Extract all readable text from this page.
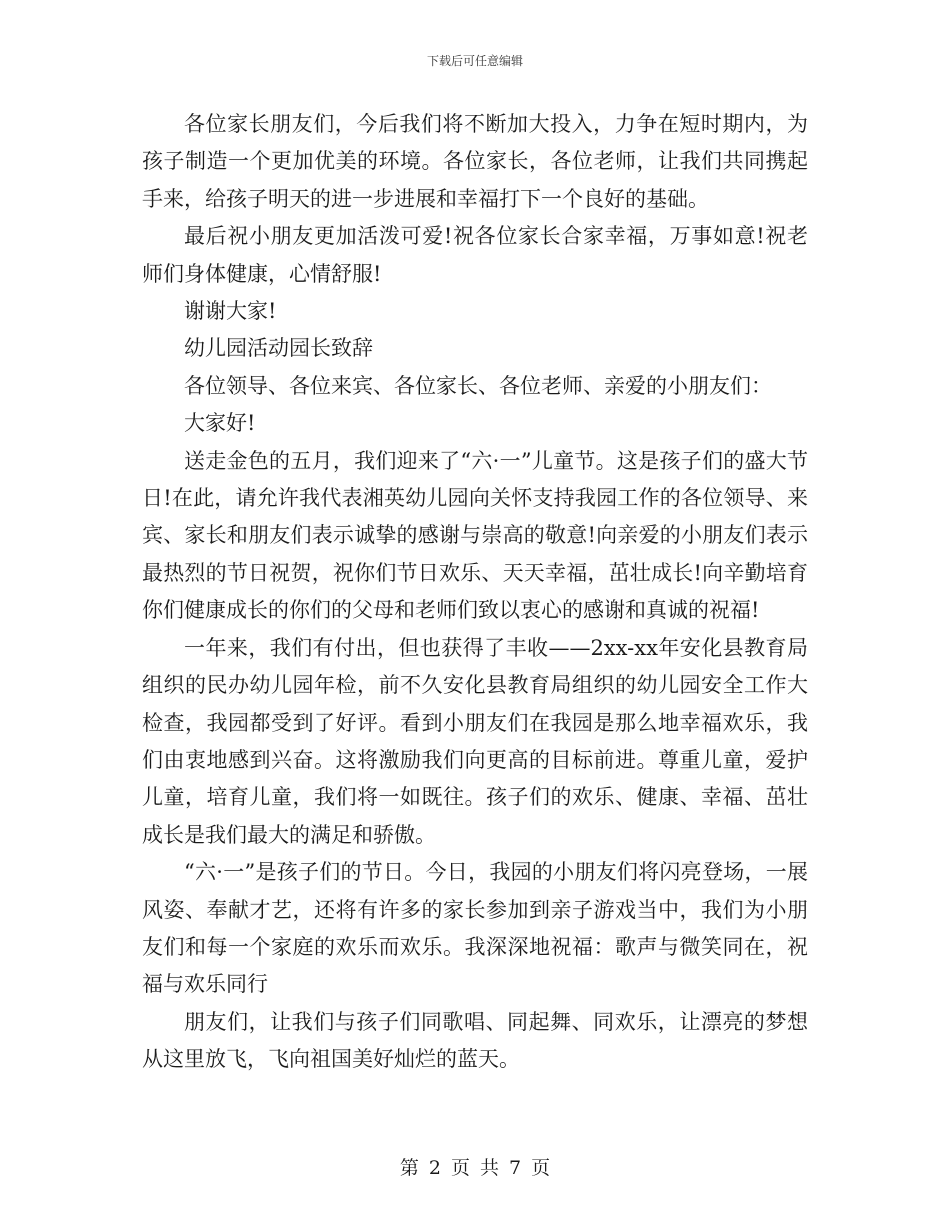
下载后可任意编辑

各位家长朋友们，今后我们将不断加大投入，力争在短时期内，为孩子制造一个更加优美的环境。各位家长，各位老师，让我们共同携起手来，给孩子明天的进一步进展和幸福打下一个良好的基础。

最后祝小朋友更加活泼可爱!祝各位家长合家幸福，万事如意!祝老师们身体健康，心情舒服!

谢谢大家!

幼儿园活动园长致辞

各位领导、各位来宾、各位家长、各位老师、亲爱的小朋友们：

大家好!

送走金色的五月，我们迎来了“六·一”儿童节。这是孩子们的盛大节日!在此，请允许我代表湘英幼儿园向关怀支持我园工作的各位领导、来宾、家长和朋友们表示诚挚的感谢与崇高的敬意!向亲爱的小朋友们表示最热烈的节日祝贺，祝你们节日欢乐、天天幸福，茁壮成长!向辛勤培育你们健康成长的你们的父母和老师们致以衷心的感谢和真诚的祝福!

一年来，我们有付出，但也获得了丰收——2xx-xx年安化县教育局组织的民办幼儿园年检，前不久安化县教育局组织的幼儿园安全工作大检查，我园都受到了好评。看到小朋友们在我园是那么地幸福欢乐，我们由衷地感到兴奋。这将激励我们向更高的目标前进。尊重儿童，爱护儿童，培育儿童，我们将一如既往。孩子们的欢乐、健康、幸福、茁壮成长是我们最大的满足和骄傲。

“六·一”是孩子们的节日。今日，我园的小朋友们将闪亮登场，一展风姿、奉献才艺，还将有许多的家长参加到亲子游戏当中，我们为小朋友们和每一个家庭的欢乐而欢乐。我深深地祝福：歌声与微笑同在，祝福与欢乐同行

朋友们，让我们与孩子们同歌唱、同起舞、同欢乐，让漂亮的梦想从这里放飞，飞向祖国美好灿烂的蓝天。

第 2 页 共 7 页
